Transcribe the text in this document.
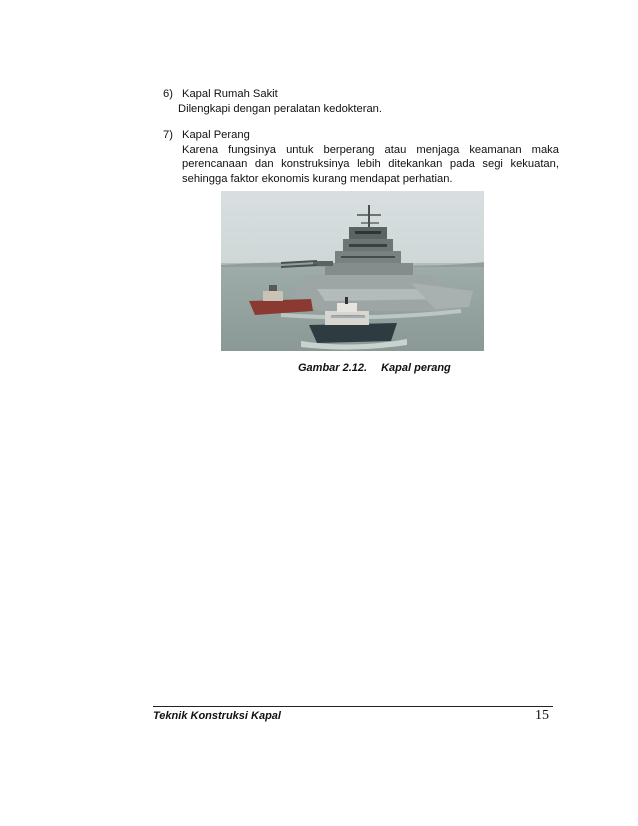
6) Kapal Rumah Sakit
Dilengkapi dengan peralatan kedokteran.
7) Kapal Perang
Karena fungsinya untuk berperang atau menjaga keamanan maka perencanaan dan konstruksinya lebih ditekankan pada segi kekuatan, sehingga faktor ekonomis kurang mendapat perhatian.
Gambar 2.12. Kapal perang
Teknik Konstruksi Kapal	15
